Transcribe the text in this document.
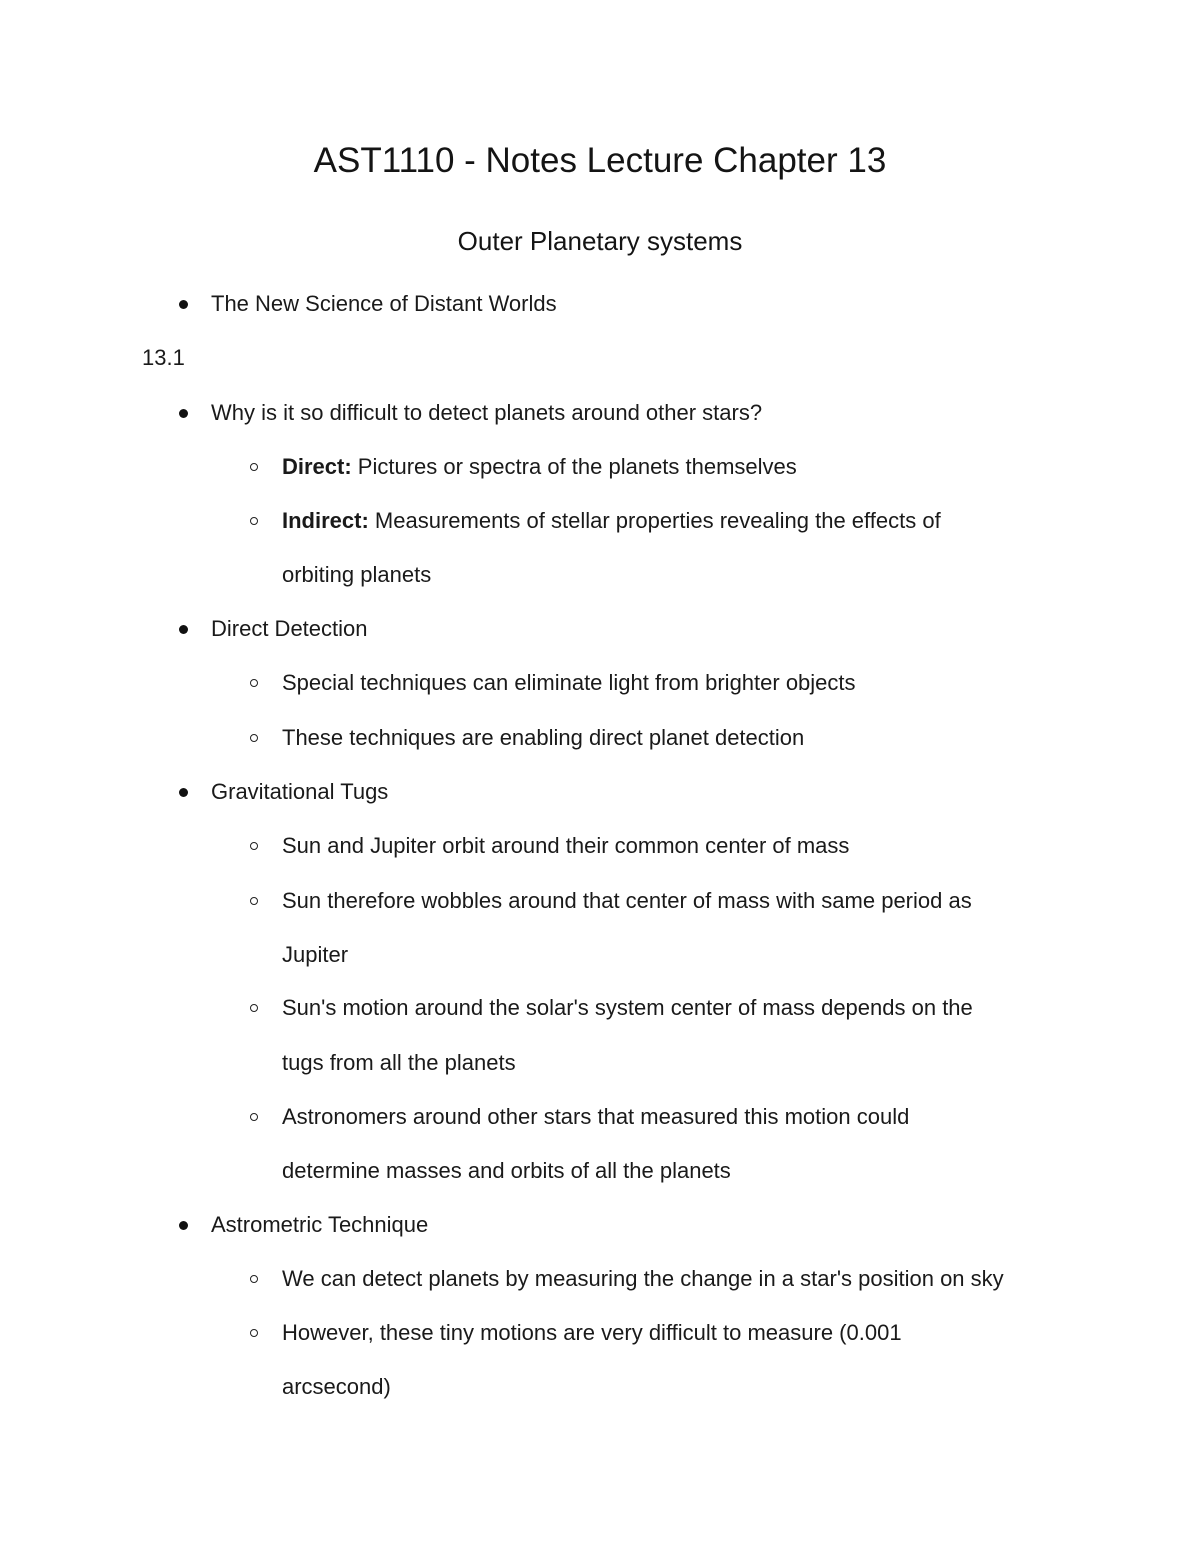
AST1110 - Notes Lecture Chapter 13
Outer Planetary systems
The New Science of Distant Worlds
13.1
Why is it so difficult to detect planets around other stars?
Direct: Pictures or spectra of the planets themselves
Indirect: Measurements of stellar properties revealing the effects of
orbiting planets
Direct Detection
Special techniques can eliminate light from brighter objects
These techniques are enabling direct planet detection
Gravitational Tugs
Sun and Jupiter orbit around their common center of mass
Sun therefore wobbles around that center of mass with same period as
Jupiter
Sun's motion around the solar's system center of mass depends on the
tugs from all the planets
Astronomers around other stars that measured this motion could
determine masses and orbits of all the planets
Astrometric Technique
We can detect planets by measuring the change in a star's position on sky
However, these tiny motions are very difficult to measure (0.001
arcsecond)
